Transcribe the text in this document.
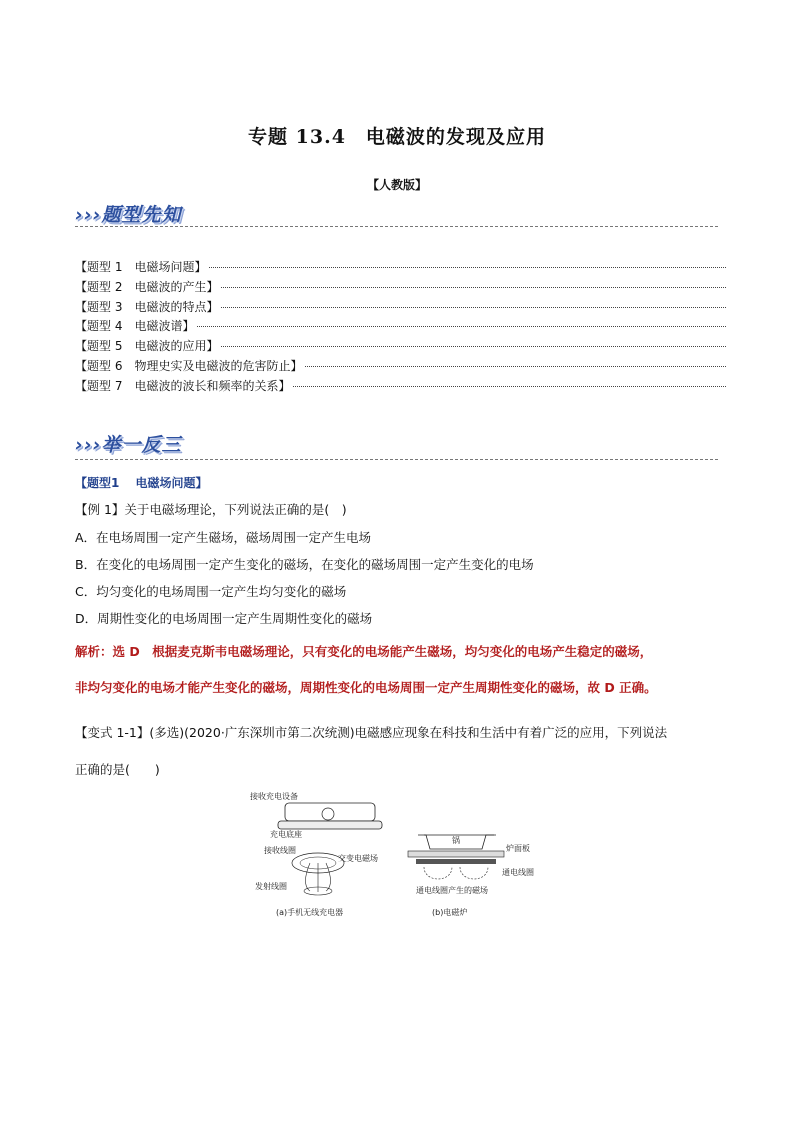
专题 13.4　电磁波的发现及应用
【人教版】
›››题型先知
【题型 1　电磁场问题】
【题型 2　电磁波的产生】
【题型 3　电磁波的特点】
【题型 4　电磁波谱】
【题型 5　电磁波的应用】
【题型 6　物理史实及电磁波的危害防止】
【题型 7　电磁波的波长和频率的关系】
›››举一反三
【题型1　 电磁场问题】
【例 1】关于电磁场理论，下列说法正确的是(　)
A．在电场周围一定产生磁场，磁场周围一定产生电场
B．在变化的电场周围一定产生变化的磁场，在变化的磁场周围一定产生变化的电场
C．均匀变化的电场周围一定产生均匀变化的磁场
D．周期性变化的电场周围一定产生周期性变化的磁场
解析：选 D　根据麦克斯韦电磁场理论，只有变化的电场能产生磁场，均匀变化的电场产生稳定的磁场，
非均匀变化的电场才能产生变化的磁场，周期性变化的电场周围一定产生周期性变化的磁场，故 D 正确。
【变式 1-1】(多选)(2020·广东深圳市第二次统测)电磁感应现象在科技和生活中有着广泛的应用，下列说法
正确的是(　　)
接收充电设备
充电底座
接收线圈
交变电磁场
发射线圈
(a)手机无线充电器
锅
炉面板
通电线圈
通电线圈产生的磁场
(b)电磁炉
